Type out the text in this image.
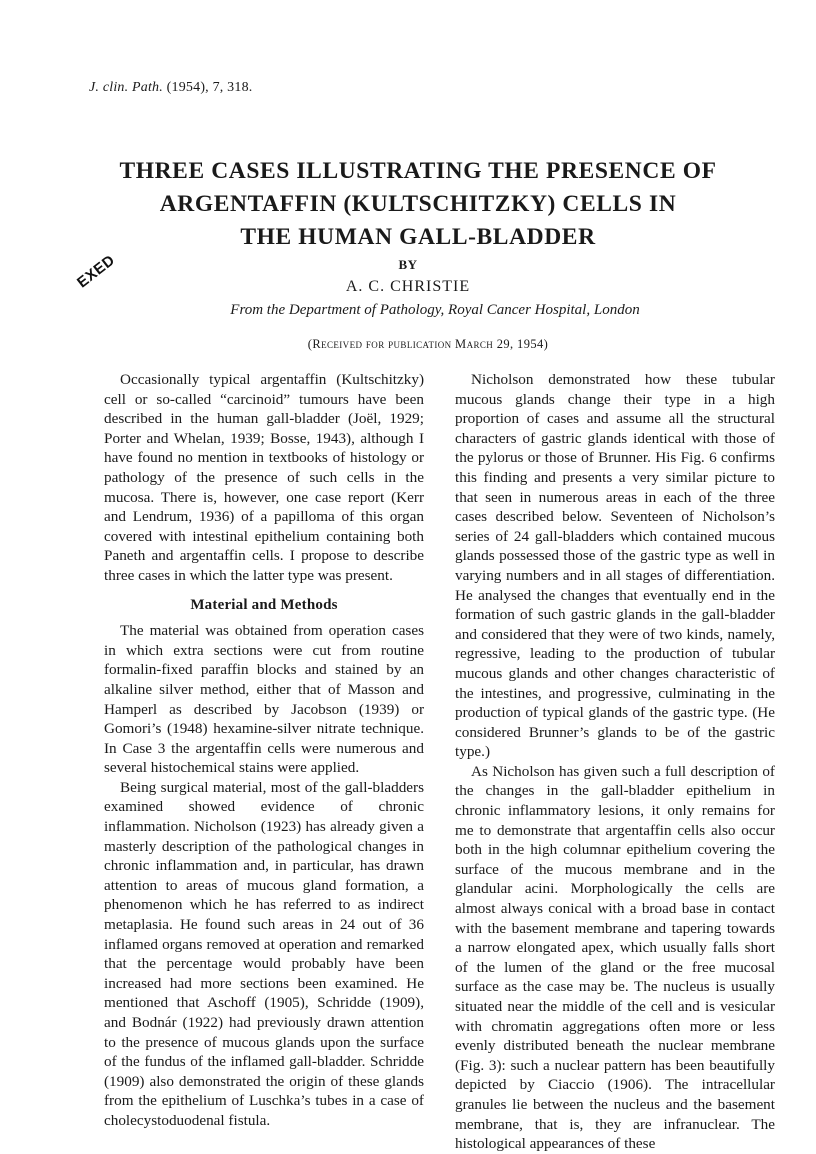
J. clin. Path. (1954), 7, 318.
THREE CASES ILLUSTRATING THE PRESENCE OF
ARGENTAFFIN (KULTSCHITZKY) CELLS IN
THE HUMAN GALL-BLADDER
BY
A. C. CHRISTIE
EXED
From the Department of Pathology, Royal Cancer Hospital, London
(Received for publication March 29, 1954)

Occasionally typical argentaffin (Kultschitzky) cell or so-called “carcinoid” tumours have been described in the human gall-bladder (Joël, 1929; Porter and Whelan, 1939; Bosse, 1943), although I have found no mention in textbooks of histology or pathology of the presence of such cells in the mucosa. There is, however, one case report (Kerr and Lendrum, 1936) of a papilloma of this organ covered with intestinal epithelium containing both Paneth and argentaffin cells. I propose to describe three cases in which the latter type was present.

Material and Methods

The material was obtained from operation cases in which extra sections were cut from routine formalin-fixed paraffin blocks and stained by an alkaline silver method, either that of Masson and Hamperl as described by Jacobson (1939) or Gomori’s (1948) hexamine-silver nitrate technique. In Case 3 the argentaffin cells were numerous and several histochemical stains were applied.

Being surgical material, most of the gall-bladders examined showed evidence of chronic inflammation. Nicholson (1923) has already given a masterly description of the pathological changes in chronic inflammation and, in particular, has drawn attention to areas of mucous gland formation, a phenomenon which he has referred to as indirect metaplasia. He found such areas in 24 out of 36 inflamed organs removed at operation and remarked that the percentage would probably have been increased had more sections been examined. He mentioned that Aschoff (1905), Schridde (1909), and Bodnár (1922) had previously drawn attention to the presence of mucous glands upon the surface of the fundus of the inflamed gall-bladder. Schridde (1909) also demonstrated the origin of these glands from the epithelium of Luschka’s tubes in a case of cholecystoduodenal fistula.

Nicholson demonstrated how these tubular mucous glands change their type in a high proportion of cases and assume all the structural characters of gastric glands identical with those of the pylorus or those of Brunner. His Fig. 6 confirms this finding and presents a very similar picture to that seen in numerous areas in each of the three cases described below. Seventeen of Nicholson’s series of 24 gall-bladders which contained mucous glands possessed those of the gastric type as well in varying numbers and in all stages of differentiation. He analysed the changes that eventually end in the formation of such gastric glands in the gall-bladder and considered that they were of two kinds, namely, regressive, leading to the production of tubular mucous glands and other changes characteristic of the intestines, and progressive, culminating in the production of typical glands of the gastric type. (He considered Brunner’s glands to be of the gastric type.)

As Nicholson has given such a full description of the changes in the gall-bladder epithelium in chronic inflammatory lesions, it only remains for me to demonstrate that argentaffin cells also occur both in the high columnar epithelium covering the surface of the mucous membrane and in the glandular acini. Morphologically the cells are almost always conical with a broad base in contact with the basement membrane and tapering towards a narrow elongated apex, which usually falls short of the lumen of the gland or the free mucosal surface as the case may be. The nucleus is usually situated near the middle of the cell and is vesicular with chromatin aggregations often more or less evenly distributed beneath the nuclear membrane (Fig. 3): such a nuclear pattern has been beautifully depicted by Ciaccio (1906). The intracellular granules lie between the nucleus and the basement membrane, that is, they are infranuclear. The histological appearances of these
